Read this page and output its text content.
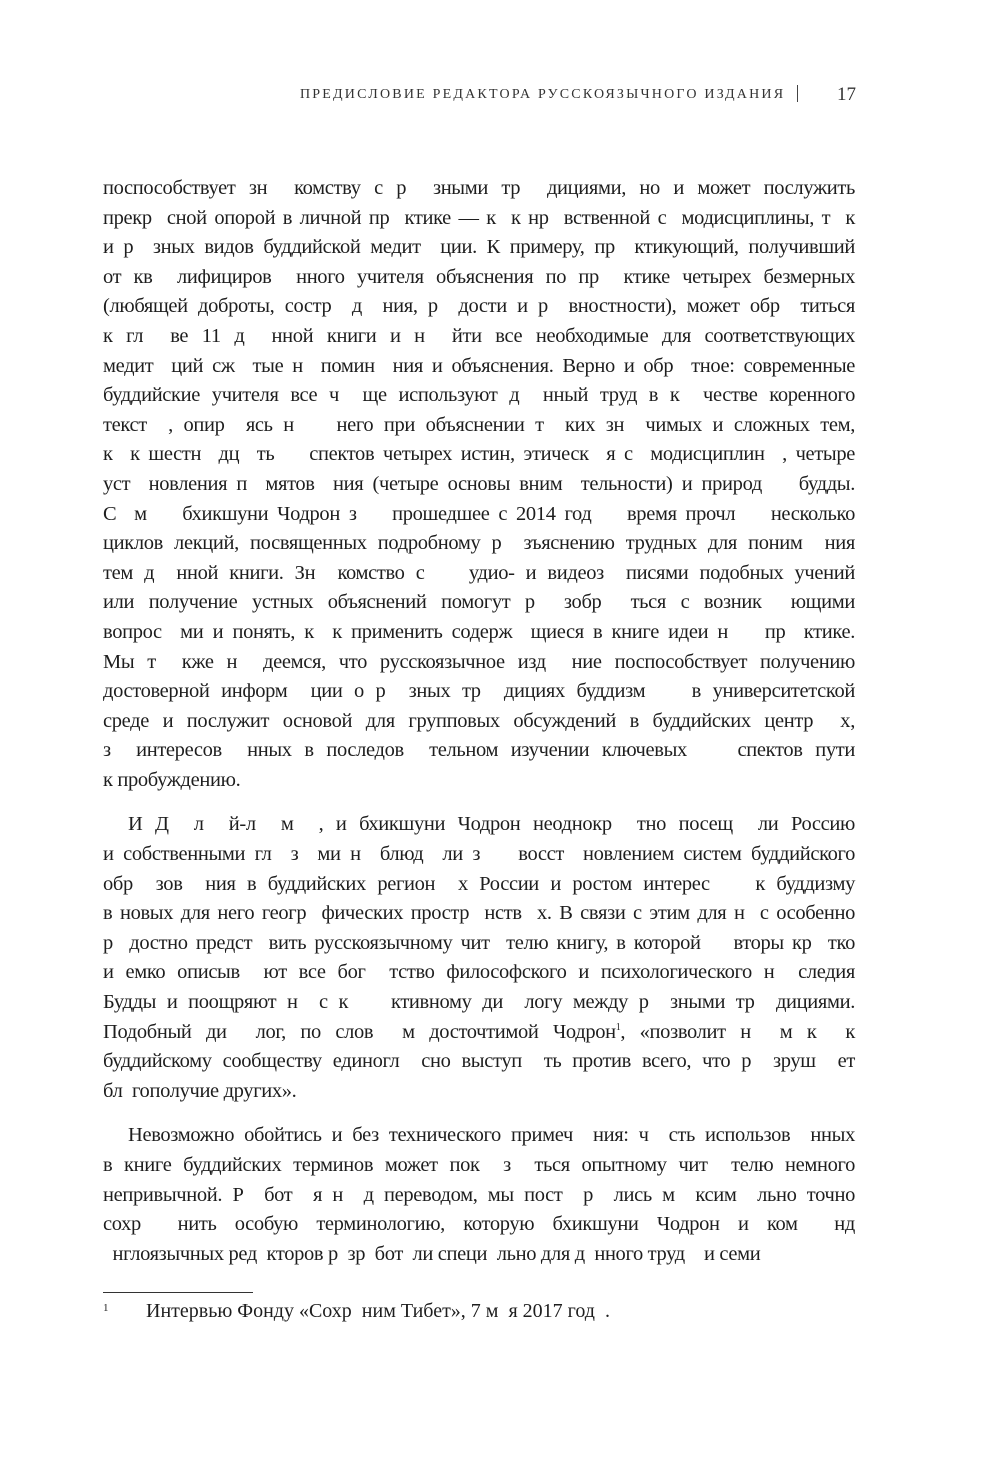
ПРЕДИСЛОВИЕ РЕДАКТОРА РУССКОЯЗЫЧНОГО ИЗДАНИЯ	17
поспособствует зн  комству с р  зными тр  дициями, но и может послужить
прекр  сной опорой в личной пр  ктике — к  к нр  вственной с  модисциплины, т  к
и р  зных видов буддийской медит  ции. К примеру, пр  ктикующий, получивший
от кв  лифициров  нного учителя объяснения по пр  ктике четырех безмерных
(любящей доброты, состр  д  ния, р  дости и р  вностности), может обр  титься
к гл  ве 11 д  нной книги и н  йти все необходимые для соответствующих
медит  ций сж  тые н  помин  ния и объяснения. Верно и обр  тное: современные
буддийские учителя все ч  ще используют д  нный труд в к  честве коренного
текст  , опир  ясь н    него при объяснении т  ких зн  чимых и сложных тем,
к  к шестн  дц  ть    спектов четырех истин, этическ  я с  модисциплин  , четыре
уст  новления п  мятов  ния (четыре основы вним  тельности) и природ    будды.
С  м    бхикшуни Чодрон з    прошедшее с 2014 год    время прочл    несколько
циклов лекций, посвященных подробному р  зъяснению трудных для поним  ния
тем д  нной книги. Зн  комство с    удио- и видеоз  писями подобных учений
или получение устных объяснений помогут р  зобр  ться с возник  ющими
вопрос  ми и понять, к  к применить содерж  щиеся в книге идеи н    пр  ктике.
Мы т  кже н  деемся, что русскоязычное изд  ние поспособствует получению
достоверной информ  ции о р  зных тр  дициях буддизм    в университетской
среде и послужит основой для групповых обсуждений в буддийских центр  х,
з  интересов  нных в последов  тельном изучении ключевых    спектов пути
к пробуждению.
И Д  л  й-л  м  , и бхикшуни Чодрон неоднокр  тно посещ  ли Россию
и собственными гл  з  ми н  блюд  ли з    восст  новлением систем буддийского
обр  зов  ния в буддийских регион  х России и ростом интерес    к буддизму
в новых для него геогр  фических простр  нств  х. В связи с этим для н  с особенно
р  достно предст  вить русскоязычному чит  телю книгу, в которой    вторы кр  тко
и емко описыв  ют все бог  тство философского и психологического н  следия
Будды и поощряют н  с к    ктивному ди  логу между р  зными тр  дициями.
Подобный ди  лог, по слов  м досточтимой Чодрон$^1$, «позволит н  м к  к
буддийскому сообществу единогл  сно выступ  ть против всего, что р  зруш  ет
бл  гополучие других».
Невозможно обойтись и без технического примеч  ния: ч  сть использов  нных
в книге буддийских терминов может пок  з  ться опытному чит  телю немного
непривычной. Р  бот  я н  д переводом, мы пост  р  лись м  ксим  льно точно
сохр  нить особую терминологию, которую бхикшуни Чодрон и ком  нд
нглоязычных ред  кторов р  зр  бот  ли специ  льно для д  нного труд    и семи

1

Интервью Фонду «Сохр  ним Тибет», 7 м  я 2017 год  .
